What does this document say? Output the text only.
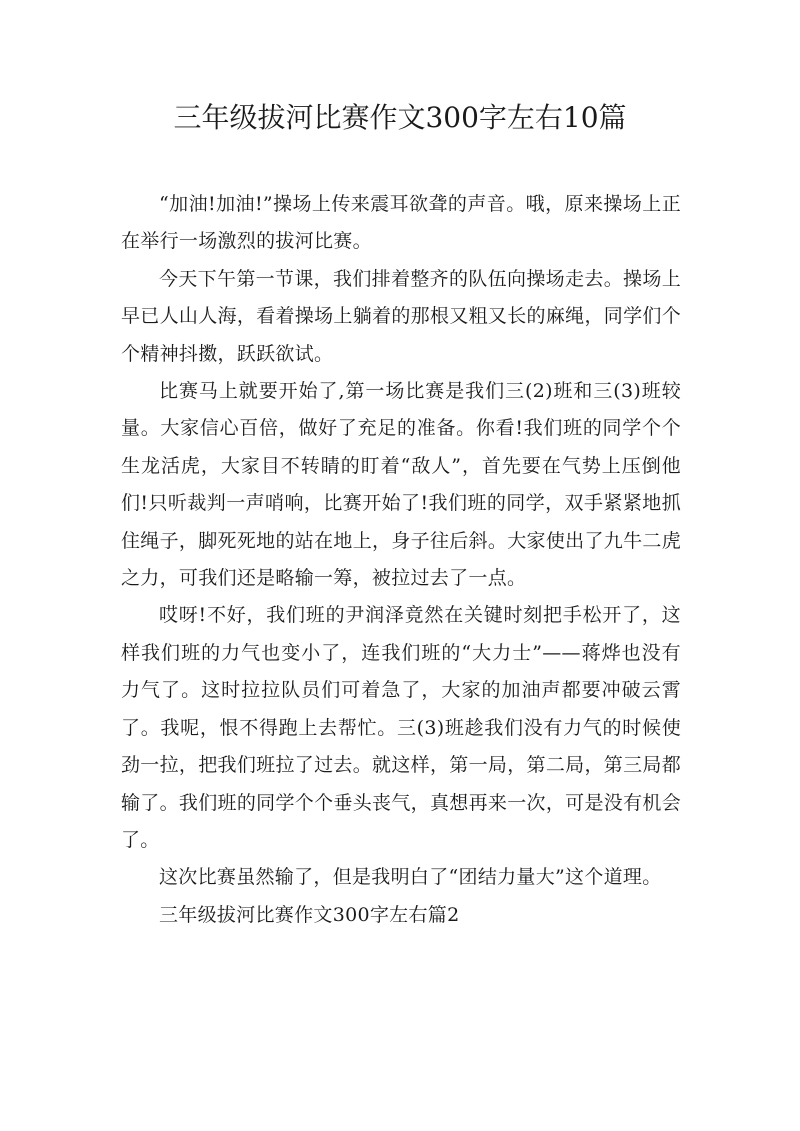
三年级拔河比赛作文300字左右10篇

“加油!加油!”操场上传来震耳欲聋的声音。哦，原来操场上正在举行一场激烈的拔河比赛。

今天下午第一节课，我们排着整齐的队伍向操场走去。操场上早已人山人海，看着操场上躺着的那根又粗又长的麻绳，同学们个个精神抖擞，跃跃欲试。

比赛马上就要开始了,第一场比赛是我们三(2)班和三(3)班较量。大家信心百倍，做好了充足的准备。你看!我们班的同学个个生龙活虎，大家目不转睛的盯着“敌人”，首先要在气势上压倒他们!只听裁判一声哨响，比赛开始了!我们班的同学，双手紧紧地抓住绳子，脚死死地的站在地上，身子往后斜。大家使出了九牛二虎之力，可我们还是略输一筹，被拉过去了一点。

哎呀!不好，我们班的尹润泽竟然在关键时刻把手松开了，这样我们班的力气也变小了，连我们班的“大力士”——蒋烨也没有力气了。这时拉拉队员们可着急了，大家的加油声都要冲破云霄了。我呢，恨不得跑上去帮忙。三(3)班趁我们没有力气的时候使劲一拉，把我们班拉了过去。就这样，第一局，第二局，第三局都输了。我们班的同学个个垂头丧气，真想再来一次，可是没有机会了。

这次比赛虽然输了，但是我明白了“团结力量大”这个道理。

三年级拔河比赛作文300字左右篇2
